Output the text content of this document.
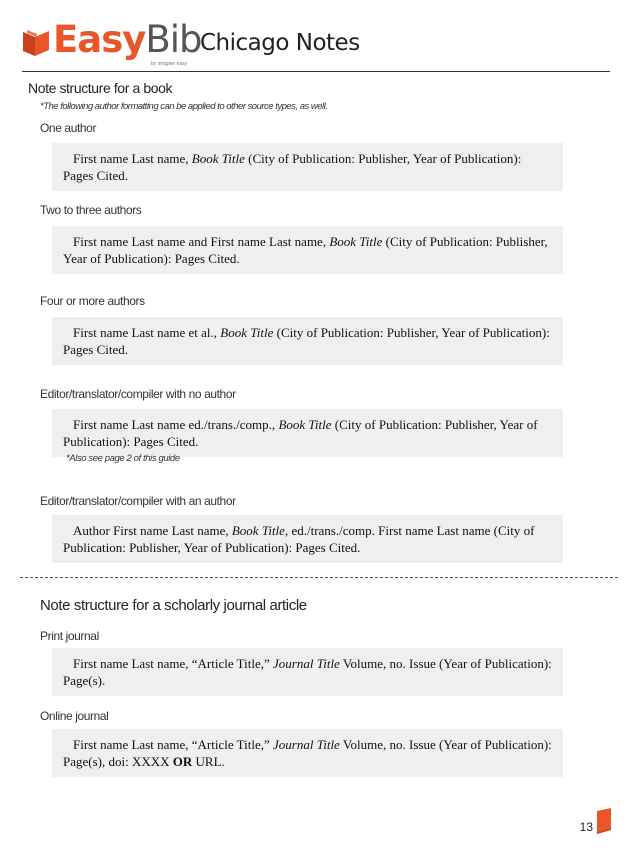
EasyBib
by imagine easy
Chicago Notes
Note structure for a book
*The following author formatting can be applied to other source types, as well.
One author
First name Last name, Book Title (City of Publication: Publisher, Year of Publication): Pages Cited.
Two to three authors
First name Last name and First name Last name, Book Title (City of Publication: Publisher, Year of Publication): Pages Cited.
Four or more authors
First name Last name et al., Book Title (City of Publication: Publisher, Year of Publication): Pages Cited.
Editor/translator/compiler with no author
First name Last name ed./trans./comp., Book Title (City of Publication: Publisher, Year of Publication): Pages Cited.
*Also see page 2 of this guide
Editor/translator/compiler with an author
Author First name Last name, Book Title, ed./trans./comp. First name Last name (City of Publication: Publisher, Year of Publication): Pages Cited.
Note structure for a scholarly journal article
Print journal
First name Last name, “Article Title,” Journal Title Volume, no. Issue (Year of Publication): Page(s).
Online journal
First name Last name, “Article Title,” Journal Title Volume, no. Issue (Year of Publication): Page(s), doi: XXXX OR URL.
13
